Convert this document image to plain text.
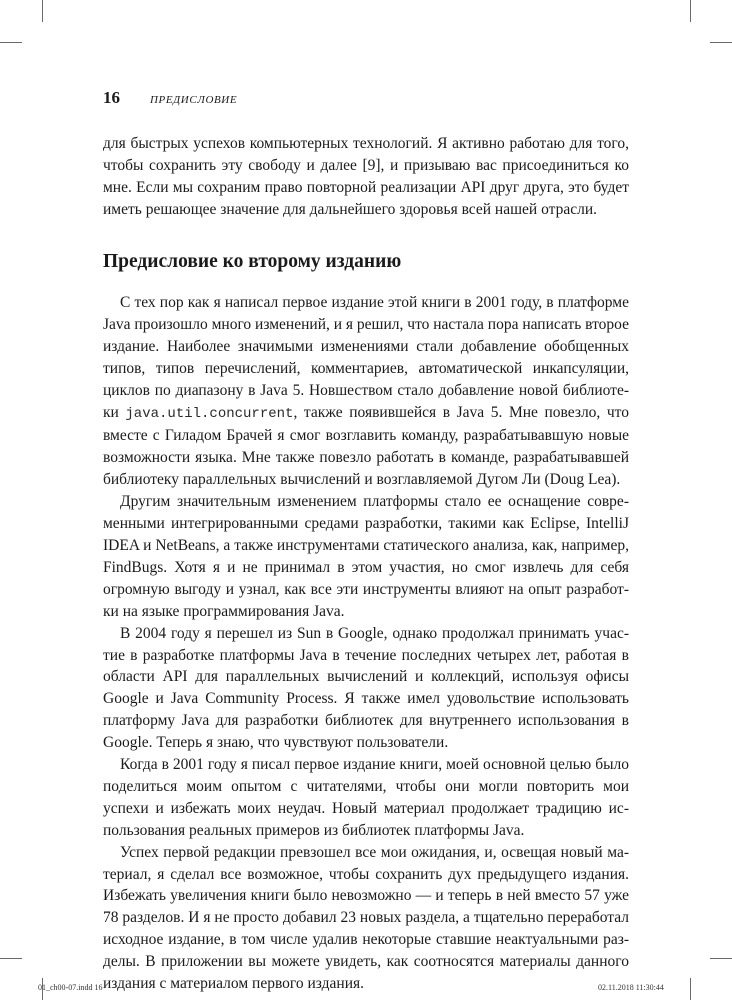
16	ПРЕДИСЛОВИЕ

для быстрых успехов компьютерных технологий. Я активно работаю для того, чтобы сохранить эту свободу и далее [9], и призываю вас присоединиться ко мне. Если мы сохраним право повторной реализации API друг друга, это будет иметь решающее значение для дальнейшего здоровья всей нашей отрасли.

Предисловие ко второму изданию

С тех пор как я написал первое издание этой книги в 2001 году, в платформе Java произошло много изменений, и я решил, что настала пора написать второе издание. Наиболее значимыми изменениями стали добавление обобщенных типов, типов перечислений, комментариев, автоматической инкапсуляции, циклов по диапазону в Java 5. Новшеством стало добавление новой библиотеки java.util.concurrent, также появившейся в Java 5. Мне повезло, что вместе с Гиладом Брачей я смог возглавить команду, разрабатывавшую новые возможности языка. Мне также повезло работать в команде, разрабатывавшей библиотеку параллельных вычислений и возглавляемой Дугом Ли (Doug Lea).

Другим значительным изменением платформы стало ее оснащение современными интегрированными средами разработки, такими как Eclipse, IntelliJ IDEA и NetBeans, а также инструментами статического анализа, как, например, FindBugs. Хотя я и не принимал в этом участия, но смог извлечь для себя огромную выгоду и узнал, как все эти инструменты влияют на опыт разработки на языке программирования Java.

В 2004 году я перешел из Sun в Google, однако продолжал принимать участие в разработке платформы Java в течение последних четырех лет, работая в области API для параллельных вычислений и коллекций, используя офисы Google и Java Community Process. Я также имел удовольствие использовать платформу Java для разработки библиотек для внутреннего использования в Google. Теперь я знаю, что чувствуют пользователи.

Когда в 2001 году я писал первое издание книги, моей основной целью было поделиться моим опытом с читателями, чтобы они могли повторить мои успехи и избежать моих неудач. Новый материал продолжает традицию использования реальных примеров из библиотек платформы Java.

Успех первой редакции превзошел все мои ожидания, и, освещая новый материал, я сделал все возможное, чтобы сохранить дух предыдущего издания. Избежать увеличения книги было невозможно — и теперь в ней вместо 57 уже 78 разделов. И я не просто добавил 23 новых раздела, а тщательно переработал исходное издание, в том числе удалив некоторые ставшие неактуальными разделы. В приложении вы можете увидеть, как соотносятся материалы данного издания с материалом первого издания.

01_ch00-07.indd 16	02.11.2018 11:30:44
